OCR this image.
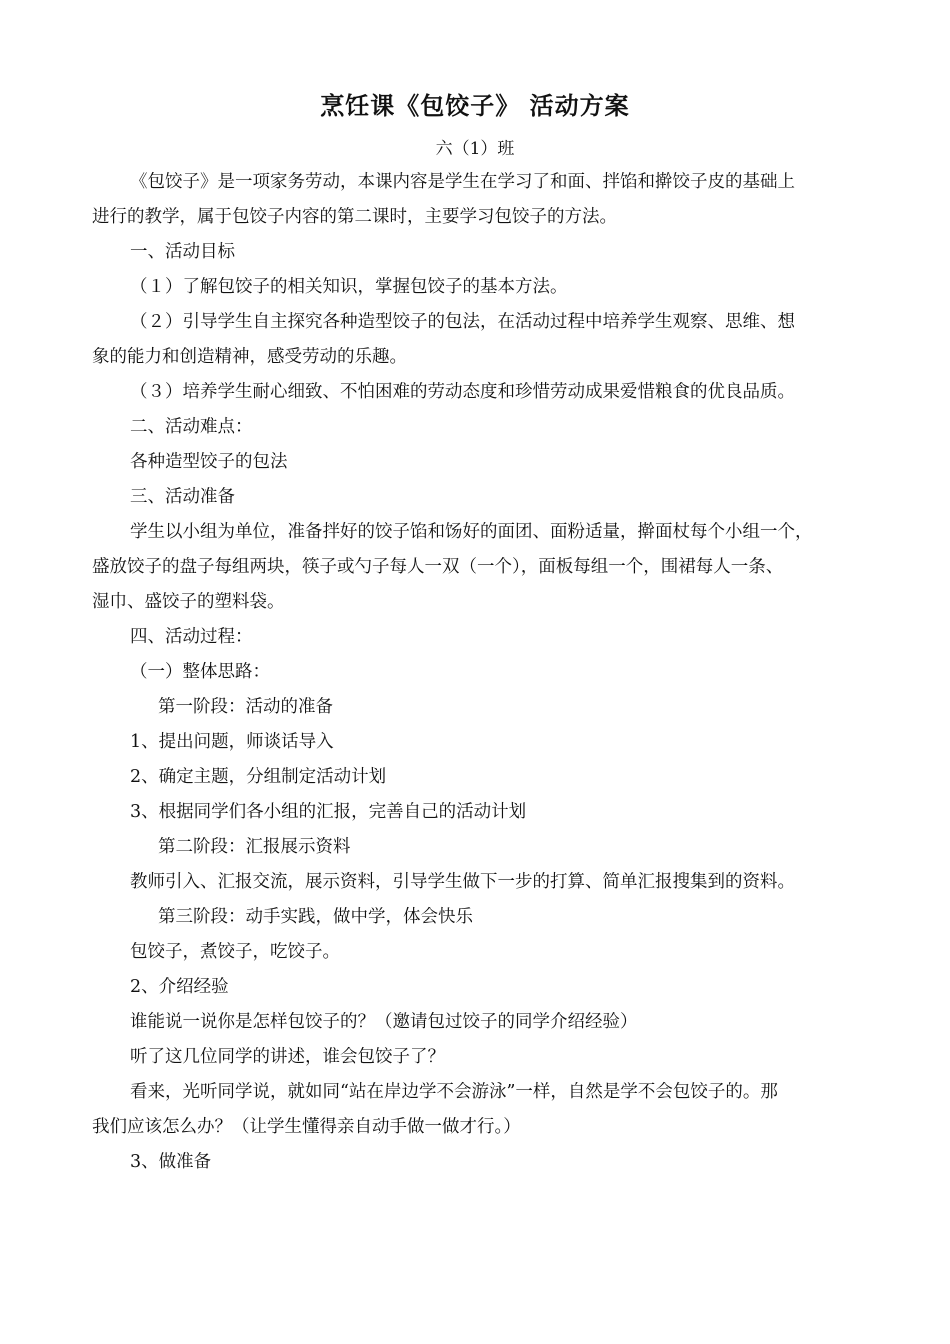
烹饪课《包饺子》 活动方案
六（1）班
《包饺子》是一项家务劳动，本课内容是学生在学习了和面、拌馅和擀饺子皮的基础上
进行的教学，属于包饺子内容的第二课时，主要学习包饺子的方法。
一、活动目标
（１）了解包饺子的相关知识，掌握包饺子的基本方法。
（２）引导学生自主探究各种造型饺子的包法，在活动过程中培养学生观察、思维、想
象的能力和创造精神，感受劳动的乐趣。
（３）培养学生耐心细致、不怕困难的劳动态度和珍惜劳动成果爱惜粮食的优良品质。
二、活动难点：
各种造型饺子的包法
三、活动准备
学生以小组为单位，准备拌好的饺子馅和饧好的面团、面粉适量，擀面杖每个小组一个，
盛放饺子的盘子每组两块，筷子或勺子每人一双（一个），面板每组一个，围裙每人一条、
湿巾、盛饺子的塑料袋。
四、活动过程：
（一）整体思路：
第一阶段：活动的准备
1、提出问题，师谈话导入
2、确定主题，分组制定活动计划
3、根据同学们各小组的汇报，完善自己的活动计划
第二阶段：汇报展示资料
教师引入、汇报交流，展示资料，引导学生做下一步的打算、简单汇报搜集到的资料。
第三阶段：动手实践，做中学，体会快乐
包饺子，煮饺子，吃饺子。
2、介绍经验
谁能说一说你是怎样包饺子的？（邀请包过饺子的同学介绍经验）
听了这几位同学的讲述，谁会包饺子了？
看来，光听同学说，就如同“站在岸边学不会游泳”一样，自然是学不会包饺子的。那
我们应该怎么办？（让学生懂得亲自动手做一做才行。）
3、做准备
